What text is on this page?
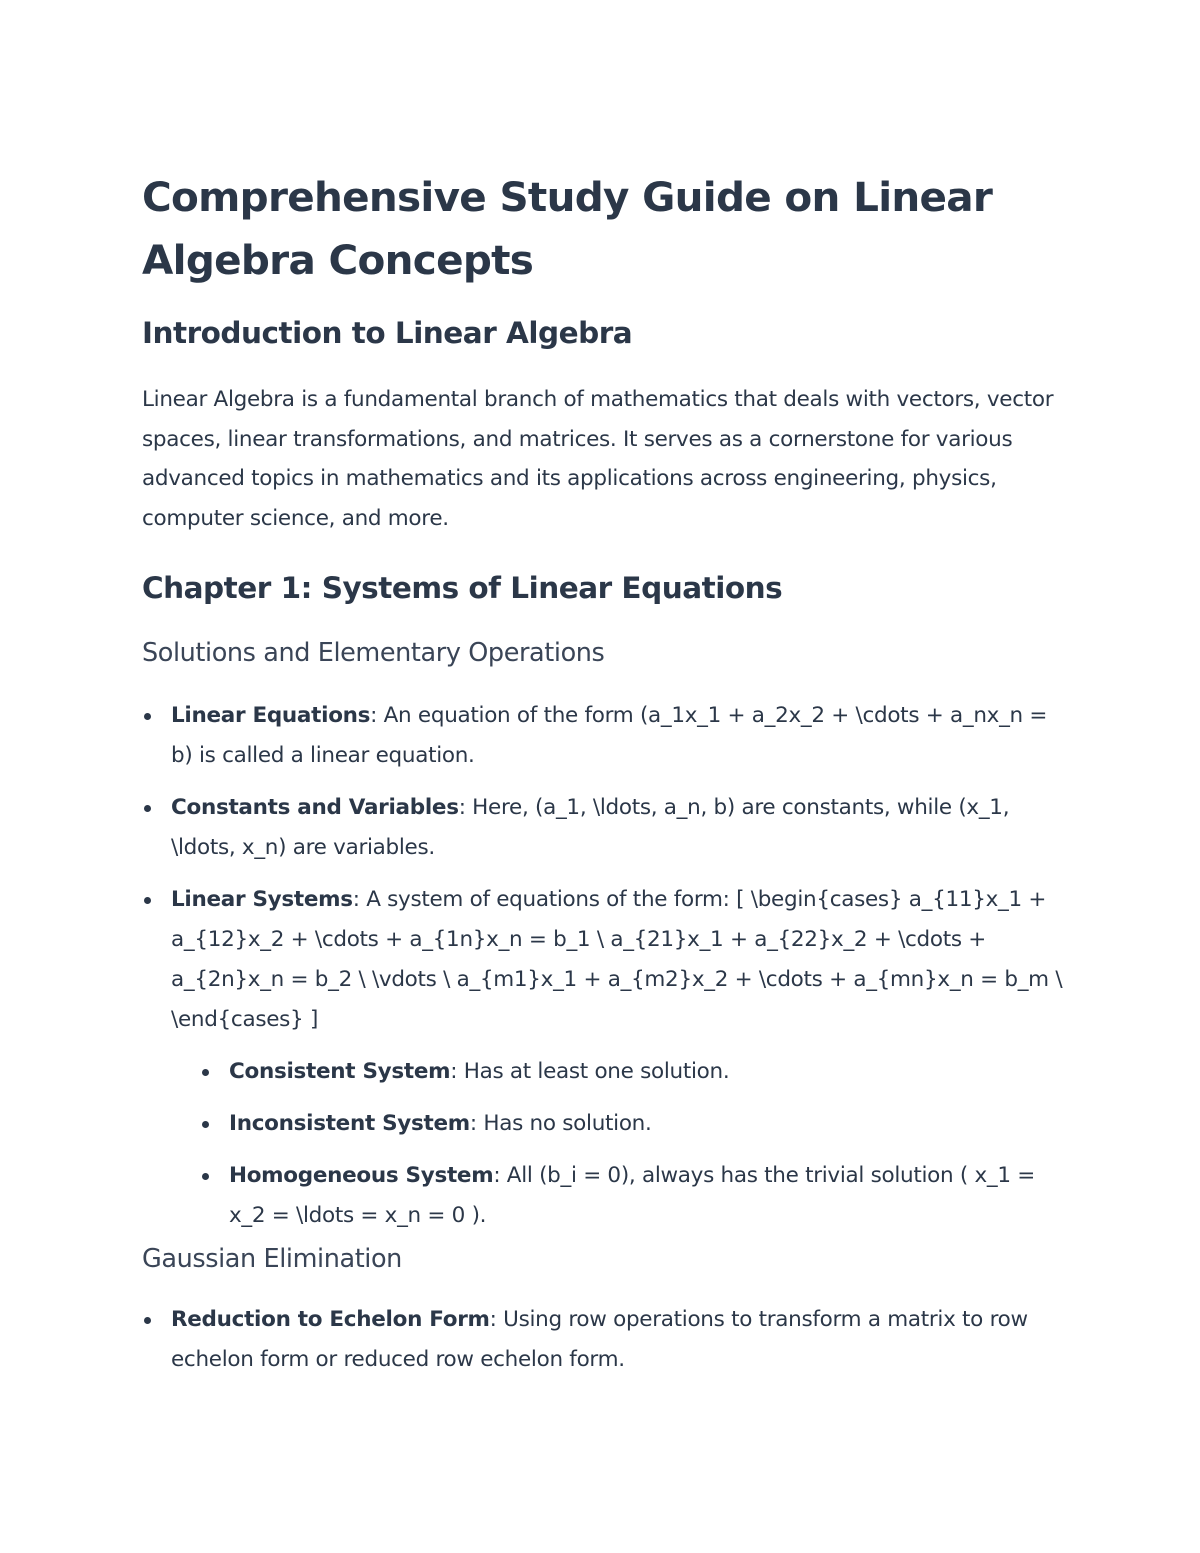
Comprehensive Study Guide on Linear Algebra Concepts
Introduction to Linear Algebra

Linear Algebra is a fundamental branch of mathematics that deals with vectors, vector spaces, linear transformations, and matrices. It serves as a cornerstone for various advanced topics in mathematics and its applications across engineering, physics, computer science, and more.

Chapter 1: Systems of Linear Equations
Solutions and Elementary Operations
Linear Equations: An equation of the form (a_1x_1 + a_2x_2 + \cdots + a_nx_n = b) is called a linear equation.
Constants and Variables: Here, (a_1, \ldots, a_n, b) are constants, while (x_1, \ldots, x_n) are variables.
Linear Systems: A system of equations of the form: [ \begin{cases} a_{11}x_1 + a_{12}x_2 + \cdots + a_{1n}x_n = b_1 \ a_{21}x_1 + a_{22}x_2 + \cdots + a_{2n}x_n = b_2 \ \vdots \ a_{m1}x_1 + a_{m2}x_2 + \cdots + a_{mn}x_n = b_m \ \end{cases} ]
Consistent System: Has at least one solution.
Inconsistent System: Has no solution.
Homogeneous System: All (b_i = 0), always has the trivial solution ( x_1 = x_2 = \ldots = x_n = 0 ).
Gaussian Elimination
Reduction to Echelon Form: Using row operations to transform a matrix to row echelon form or reduced row echelon form.
